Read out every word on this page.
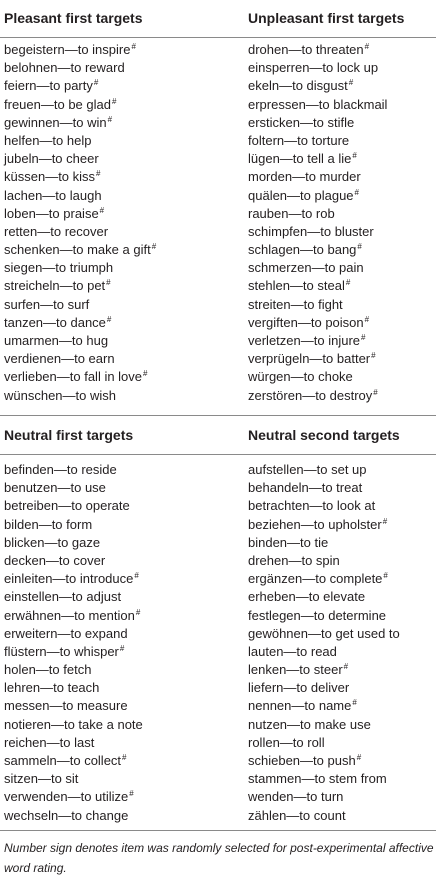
Pleasant first targets
begeistern—to inspire#
belohnen—to reward
feiern—to party#
freuen—to be glad#
gewinnen—to win#
helfen—to help
jubeln—to cheer
küssen—to kiss#
lachen—to laugh
loben—to praise#
retten—to recover
schenken—to make a gift#
siegen—to triumph
streicheln—to pet#
surfen—to surf
tanzen—to dance#
umarmen—to hug
verdienen—to earn
verlieben—to fall in love#
wünschen—to wish
Unpleasant first targets
drohen—to threaten#
einsperren—to lock up
ekeln—to disgust#
erpressen—to blackmail
ersticken—to stifle
foltern—to torture
lügen—to tell a lie#
morden—to murder
quälen—to plague#
rauben—to rob
schimpfen—to bluster
schlagen—to bang#
schmerzen—to pain
stehlen—to steal#
streiten—to fight
vergiften—to poison#
verletzen—to injure#
verprügeln—to batter#
würgen—to choke
zerstören—to destroy#
Neutral first targets
befinden—to reside
benutzen—to use
betreiben—to operate
bilden—to form
blicken—to gaze
decken—to cover
einleiten—to introduce#
einstellen—to adjust
erwähnen—to mention#
erweitern—to expand
flüstern—to whisper#
holen—to fetch
lehren—to teach
messen—to measure
notieren—to take a note
reichen—to last
sammeln—to collect#
sitzen—to sit
verwenden—to utilize#
wechseln—to change
Neutral second targets
aufstellen—to set up
behandeln—to treat
betrachten—to look at
beziehen—to upholster#
binden—to tie
drehen—to spin
ergänzen—to complete#
erheben—to elevate
festlegen—to determine
gewöhnen—to get used to
lauten—to read
lenken—to steer#
liefern—to deliver
nennen—to name#
nutzen—to make use
rollen—to roll
schieben—to push#
stammen—to stem from
wenden—to turn
zählen—to count
Number sign denotes item was randomly selected for post-experimental affective word rating.
